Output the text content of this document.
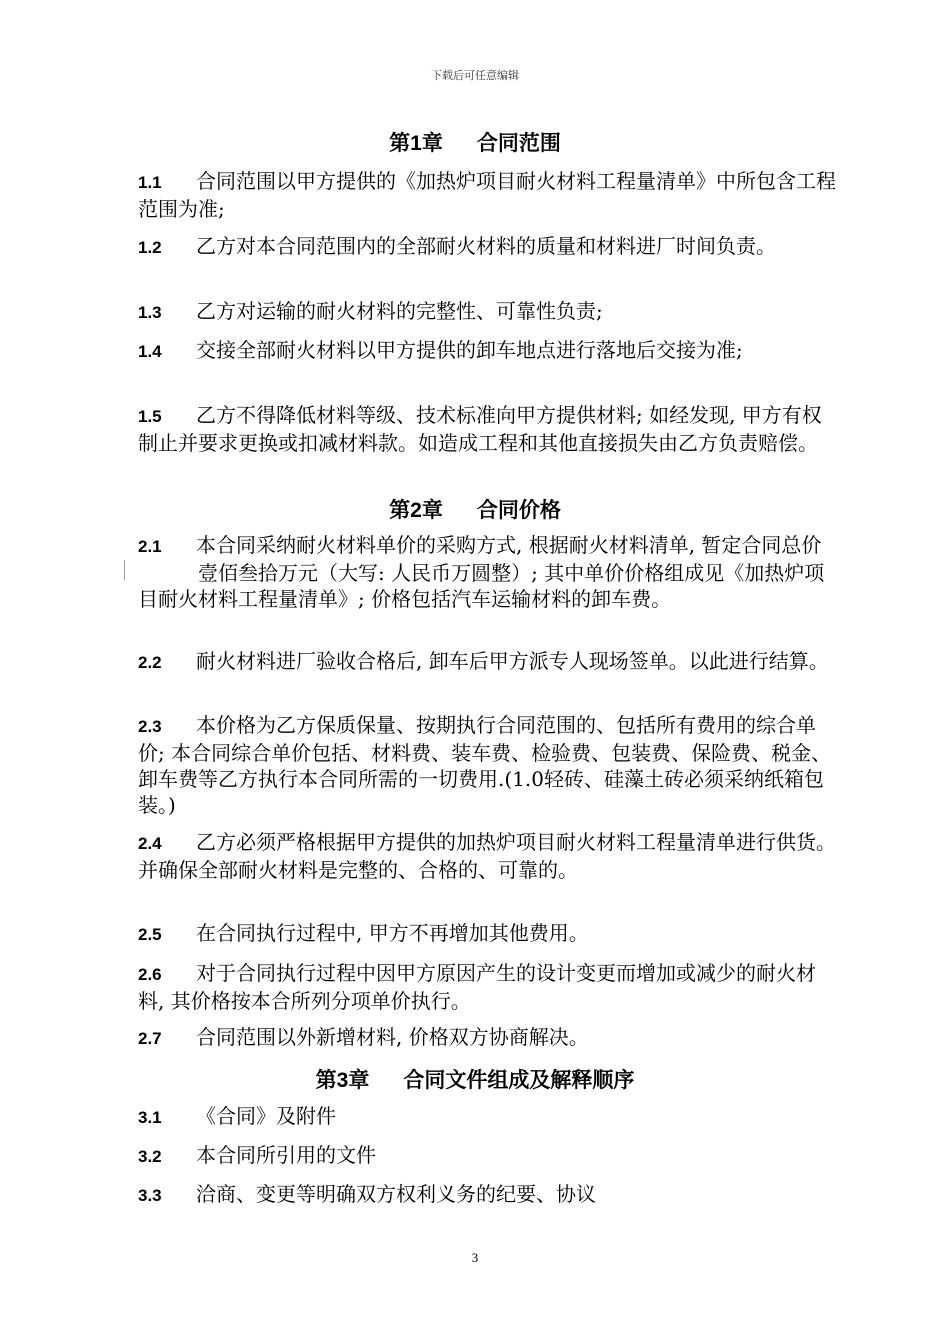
下载后可任意编辑
第1章 合同范围
1.1 合同范围以甲方提供的《加热炉项目耐火材料工程量清单》中所包含工程范围为准;
1.2 乙方对本合同范围内的全部耐火材料的质量和材料进厂时间负责。
1.3 乙方对运输的耐火材料的完整性、可靠性负责;
1.4 交接全部耐火材料以甲方提供的卸车地点进行落地后交接为准;
1.5 乙方不得降低材料等级、技术标准向甲方提供材料; 如经发现, 甲方有权制止并要求更换或扣减材料款。如造成工程和其他直接损失由乙方负责赔偿。
第2章 合同价格
2.1 本合同采纳耐火材料单价的采购方式, 根据耐火材料清单, 暂定合同总价 　　　壹佰叁拾万元（大写: 人民币万圆整）; 其中单价价格组成见《加热炉项目耐火材料工程量清单》; 价格包括汽车运输材料的卸车费。
2.2 耐火材料进厂验收合格后, 卸车后甲方派专人现场签单。以此进行结算。
2.3 本价格为乙方保质保量、按期执行合同范围的、包括所有费用的综合单价; 本合同综合单价包括、材料费、装车费、检验费、包装费、保险费、税金、卸车费等乙方执行本合同所需的一切费用.(1.0轻砖、硅藻土砖必须采纳纸箱包装。)
2.4 乙方必须严格根据甲方提供的加热炉项目耐火材料工程量清单进行供货。并确保全部耐火材料是完整的、合格的、可靠的。
2.5 在合同执行过程中, 甲方不再增加其他费用。
2.6 对于合同执行过程中因甲方原因产生的设计变更而增加或减少的耐火材料, 其价格按本合所列分项单价执行。
2.7 合同范围以外新增材料, 价格双方协商解决。
第3章 合同文件组成及解释顺序
3.1 《合同》及附件
3.2 本合同所引用的文件
3.3 洽商、变更等明确双方权利义务的纪要、协议
3
